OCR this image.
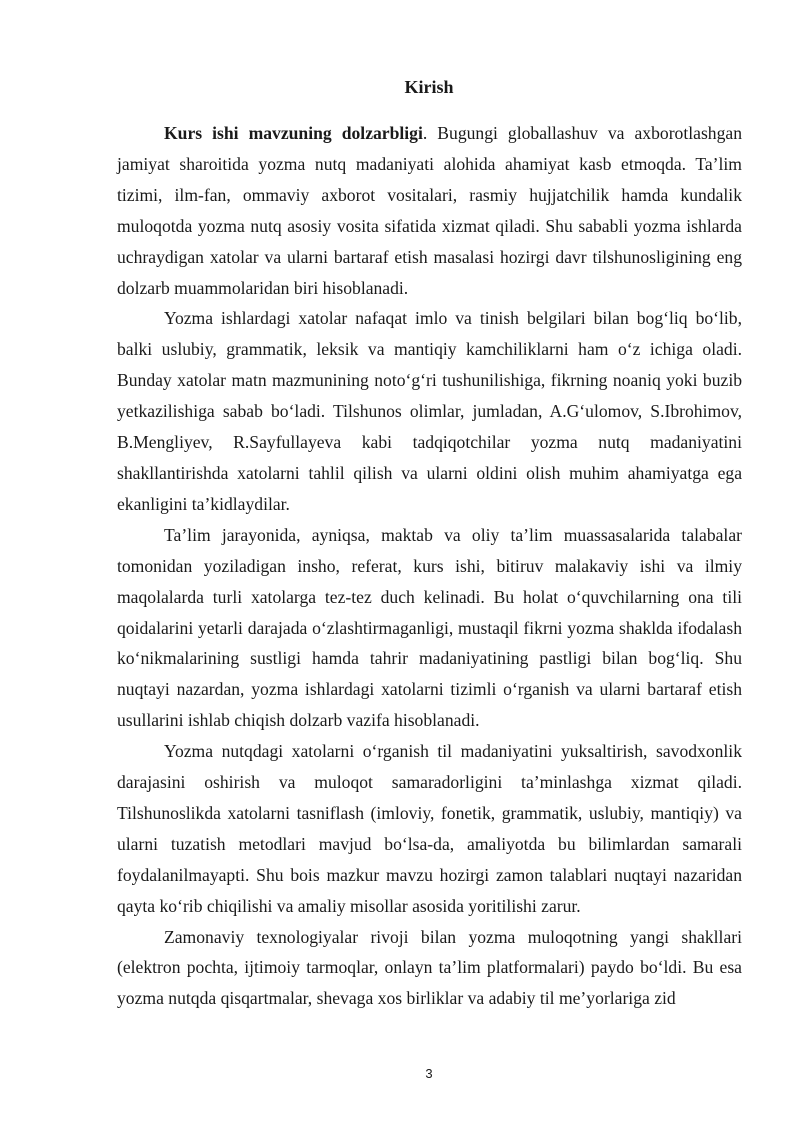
Kirish

Kurs ishi mavzuning dolzarbligi. Bugungi globallashuv va axborotlashgan jamiyat sharoitida yozma nutq madaniyati alohida ahamiyat kasb etmoqda. Ta’lim tizimi, ilm-fan, ommaviy axborot vositalari, rasmiy hujjatchilik hamda kundalik muloqotda yozma nutq asosiy vosita sifatida xizmat qiladi. Shu sababli yozma ishlarda uchraydigan xatolar va ularni bartaraf etish masalasi hozirgi davr tilshunosligining eng dolzarb muammolaridan biri hisoblanadi.

Yozma ishlardagi xatolar nafaqat imlo va tinish belgilari bilan bog‘liq bo‘lib, balki uslubiy, grammatik, leksik va mantiqiy kamchiliklarni ham o‘z ichiga oladi. Bunday xatolar matn mazmunining noto‘g‘ri tushunilishiga, fikrning noaniq yoki buzib yetkazilishiga sabab bo‘ladi. Tilshunos olimlar, jumladan, A.G‘ulomov, S.Ibrohimov, B.Mengliyev, R.Sayfullayeva kabi tadqiqotchilar yozma nutq madaniyatini shakllantirishda xatolarni tahlil qilish va ularni oldini olish muhim ahamiyatga ega ekanligini ta’kidlaydilar.

Ta’lim jarayonida, ayniqsa, maktab va oliy ta’lim muassasalarida talabalar tomonidan yoziladigan insho, referat, kurs ishi, bitiruv malakaviy ishi va ilmiy maqolalarda turli xatolarga tez-tez duch kelinadi. Bu holat o‘quvchilarning ona tili qoidalarini yetarli darajada o‘zlashtirmaganligi, mustaqil fikrni yozma shaklda ifodalash ko‘nikmalarining sustligi hamda tahrir madaniyatining pastligi bilan bog‘liq. Shu nuqtayi nazardan, yozma ishlardagi xatolarni tizimli o‘rganish va ularni bartaraf etish usullarini ishlab chiqish dolzarb vazifa hisoblanadi.

Yozma nutqdagi xatolarni o‘rganish til madaniyatini yuksaltirish, savodxonlik darajasini oshirish va muloqot samaradorligini ta’minlashga xizmat qiladi. Tilshunoslikda xatolarni tasniflash (imloviy, fonetik, grammatik, uslubiy, mantiqiy) va ularni tuzatish metodlari mavjud bo‘lsa-da, amaliyotda bu bilimlardan samarali foydalanilmayapti. Shu bois mazkur mavzu hozirgi zamon talablari nuqtayi nazaridan qayta ko‘rib chiqilishi va amaliy misollar asosida yoritilishi zarur.

Zamonaviy texnologiyalar rivoji bilan yozma muloqotning yangi shakllari (elektron pochta, ijtimoiy tarmoqlar, onlayn ta’lim platformalari) paydo bo‘ldi. Bu esa yozma nutqda qisqartmalar, shevaga xos birliklar va adabiy til me’yorlariga zid

3
